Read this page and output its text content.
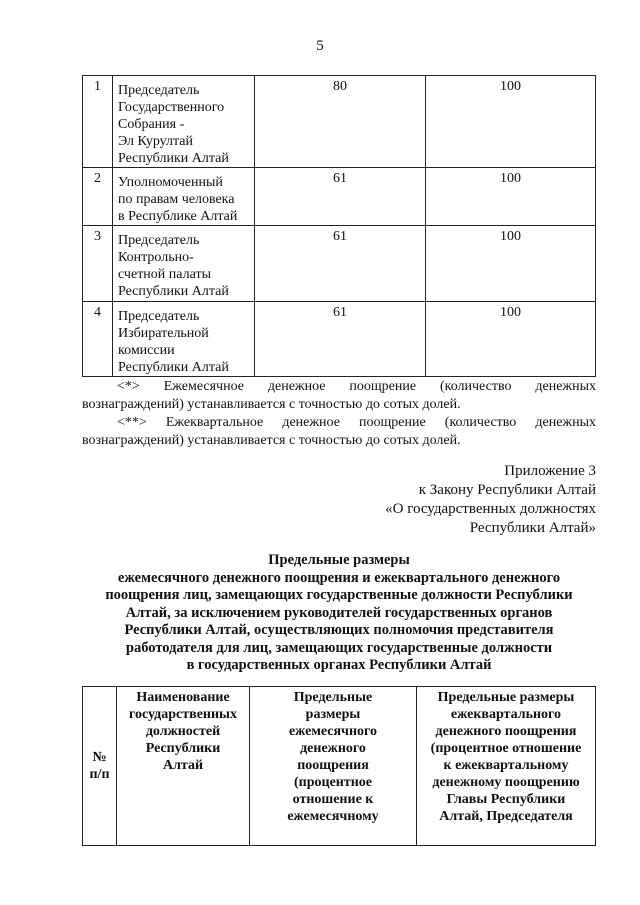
5
1	Председатель
Государственного
Собрания -
Эл Курултай
Республики Алтай	80	100
2	Уполномоченный
по правам человека
в Республике Алтай	61	100
3	Председатель
Контрольно-
счетной палаты
Республики Алтай	61	100
4	Председатель
Избирательной
комиссии
Республики Алтай	61	100

<*> Ежемесячное денежное поощрение (количество денежных вознаграждений) устанавливается с точностью до сотых долей.

<**> Ежеквартальное денежное поощрение (количество денежных вознаграждений) устанавливается с точностью до сотых долей.

Приложение 3
к Закону Республики Алтай
«О государственных должностях
Республики Алтай»
Предельные размеры
ежемесячного денежного поощрения и ежеквартального денежного
поощрения лиц, замещающих государственные должности Республики
Алтай, за исключением руководителей государственных органов
Республики Алтай, осуществляющих полномочия представителя
работодателя для лиц, замещающих государственные должности
в государственных органах Республики Алтай
№
п/п

Наименование
государственных
должностей
Республики
Алтай

Предельные
размеры
ежемесячного
денежного
поощрения
(процентное
отношение к
ежемесячному

Предельные размеры
ежеквартального
денежного поощрения
(процентное отношение
к ежеквартальному
денежному поощрению
Главы Республики
Алтай, Председателя
